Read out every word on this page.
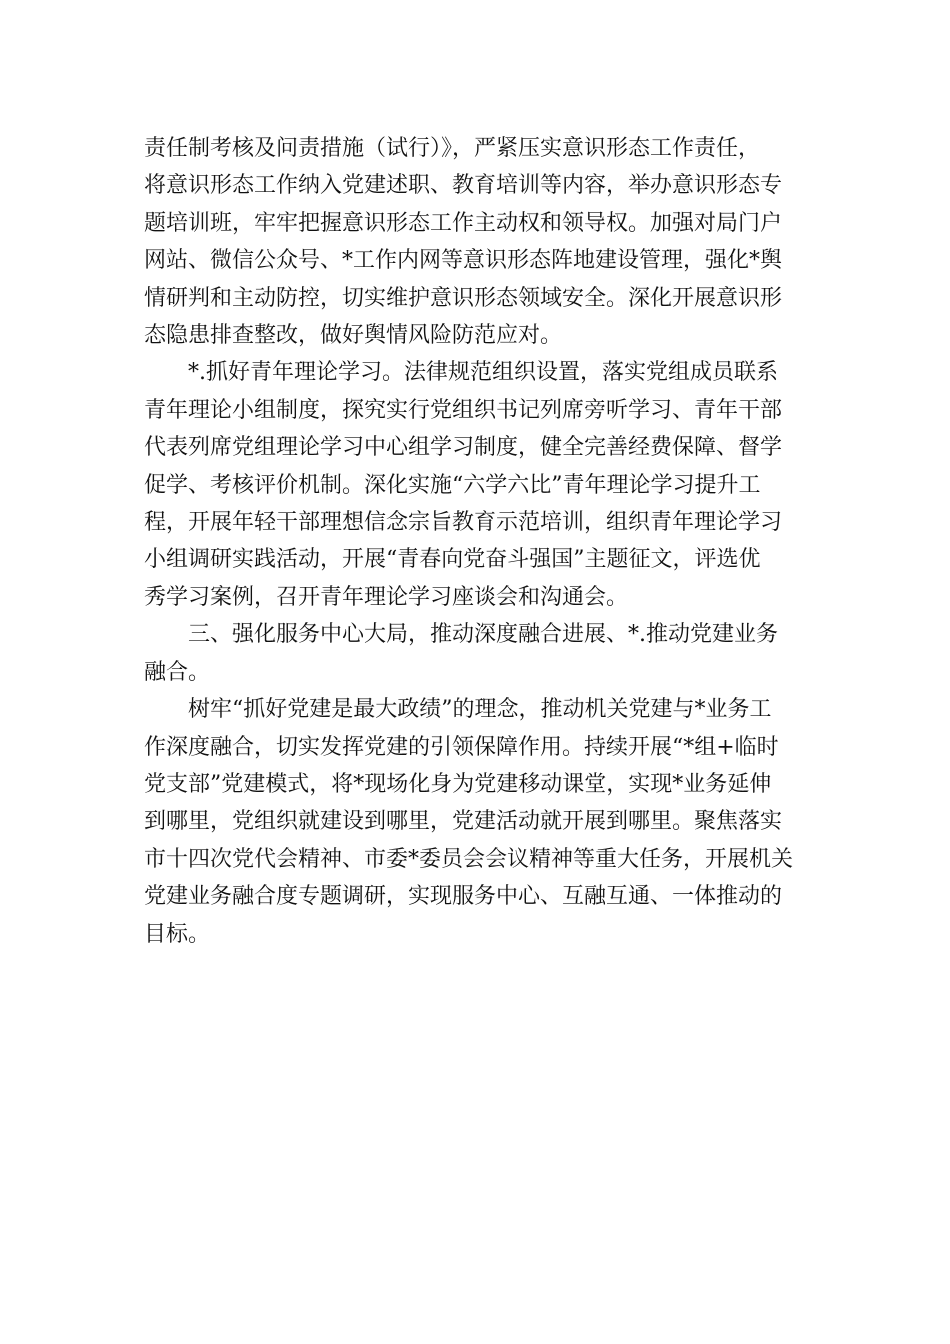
责任制考核及问责措施（试行）》，严紧压实意识形态工作责任，
将意识形态工作纳入党建述职、教育培训等内容，举办意识形态专
题培训班，牢牢把握意识形态工作主动权和领导权。加强对局门户
网站、微信公众号、*工作内网等意识形态阵地建设管理，强化*舆
情研判和主动防控，切实维护意识形态领域安全。深化开展意识形
态隐患排查整改，做好舆情风险防范应对。

　　*.抓好青年理论学习。法律规范组织设置，落实党组成员联系
青年理论小组制度，探究实行党组织书记列席旁听学习、青年干部
代表列席党组理论学习中心组学习制度，健全完善经费保障、督学
促学、考核评价机制。深化实施“六学六比”青年理论学习提升工
程，开展年轻干部理想信念宗旨教育示范培训，组织青年理论学习
小组调研实践活动，开展“青春向党奋斗强国”主题征文，评选优
秀学习案例，召开青年理论学习座谈会和沟通会。

　　三、强化服务中心大局，推动深度融合进展、*.推动党建业务
融合。

　　树牢“抓好党建是最大政绩”的理念，推动机关党建与*业务工
作深度融合，切实发挥党建的引领保障作用。持续开展“*组+临时
党支部”党建模式，将*现场化身为党建移动课堂，实现*业务延伸
到哪里，党组织就建设到哪里，党建活动就开展到哪里。聚焦落实
市十四次党代会精神、市委*委员会会议精神等重大任务，开展机关
党建业务融合度专题调研，实现服务中心、互融互通、一体推动的
目标。
